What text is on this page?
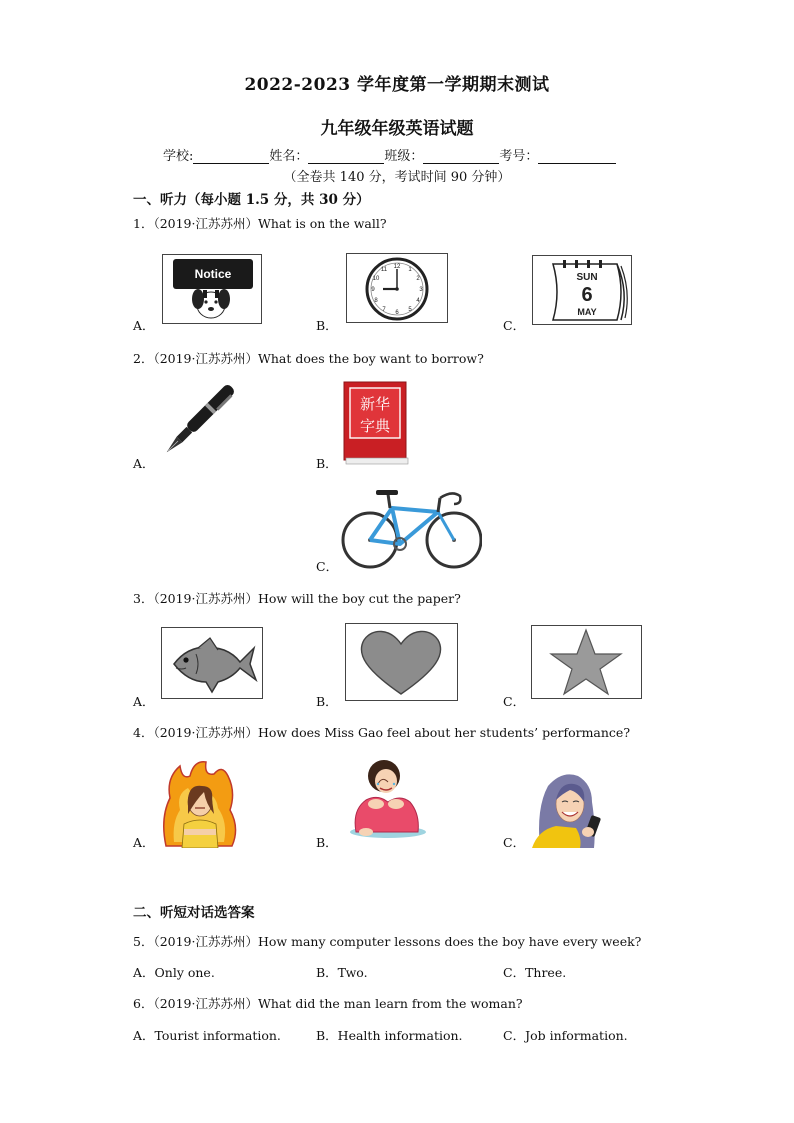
2022-2023 学年度第一学期期末测试
九年级年级英语试题
学校:	姓名：	班级：	考号：
（全卷共 140 分，考试时间 90 分钟）
一、听力（每小题 1.5 分，共 30 分）
1．（2019·江苏苏州）What is on the wall?
A．	B．	C．
Notice	12 1
2
3
4
5
6
7
8
9
10
11
SUN
6
MAY
2．（2019·江苏苏州）What does the boy want to borrow?
A．	B．
C．
新华
字典
3．（2019·江苏苏州）How will the boy cut the paper?
A．	B．	C．
4．（2019·江苏苏州）How does Miss Gao feel about her students’ performance?
A．	B．	C．
二、听短对话选答案
5．（2019·江苏苏州）How many computer lessons does the boy have every week?
A．Only one.	B．Two.	C．Three.
6．（2019·江苏苏州）What did the man learn from the woman?
A．Tourist information.	B．Health information.	C．Job information.
